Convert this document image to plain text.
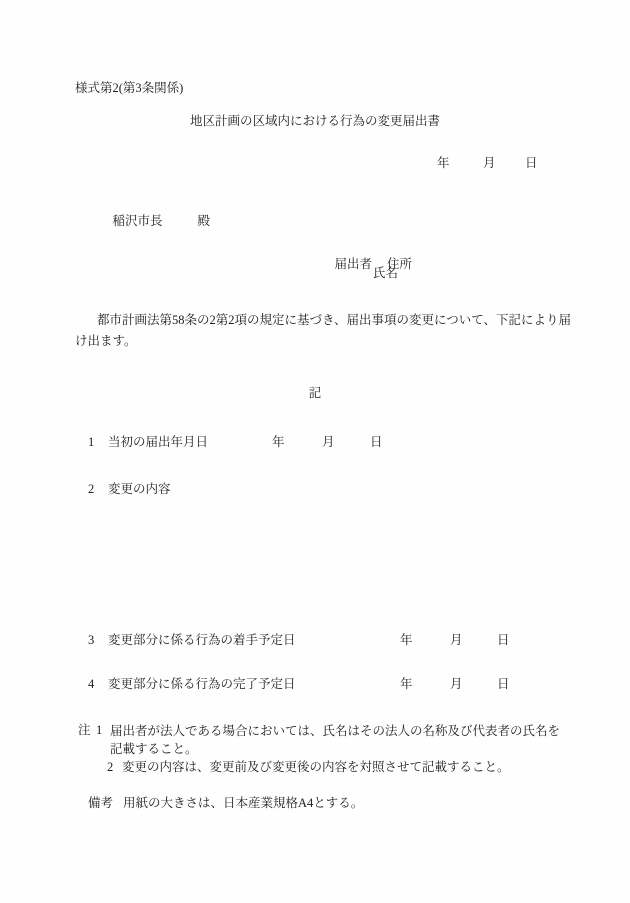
様式第2(第3条関係)
地区計画の区域内における行為の変更届出書
年	月 日

稲沢市長	殿

届出者 住所

氏名
都市計画法第58条の2第2項の規定に基づき、届出事項の変更について、下記により届け出ます。
記
1 当初の届出年月日	年	月	日
2 変更の内容
3 変更部分に係る行為の着手予定日	年	月	日
4 変更部分に係る行為の完了予定日	年	月	日
注 1 届出者が法人である場合においては、氏名はその法人の名称及び代表者の氏名を記載すること。
2 変更の内容は、変更前及び変更後の内容を対照させて記載すること。
備考 用紙の大きさは、日本産業規格A4とする。
